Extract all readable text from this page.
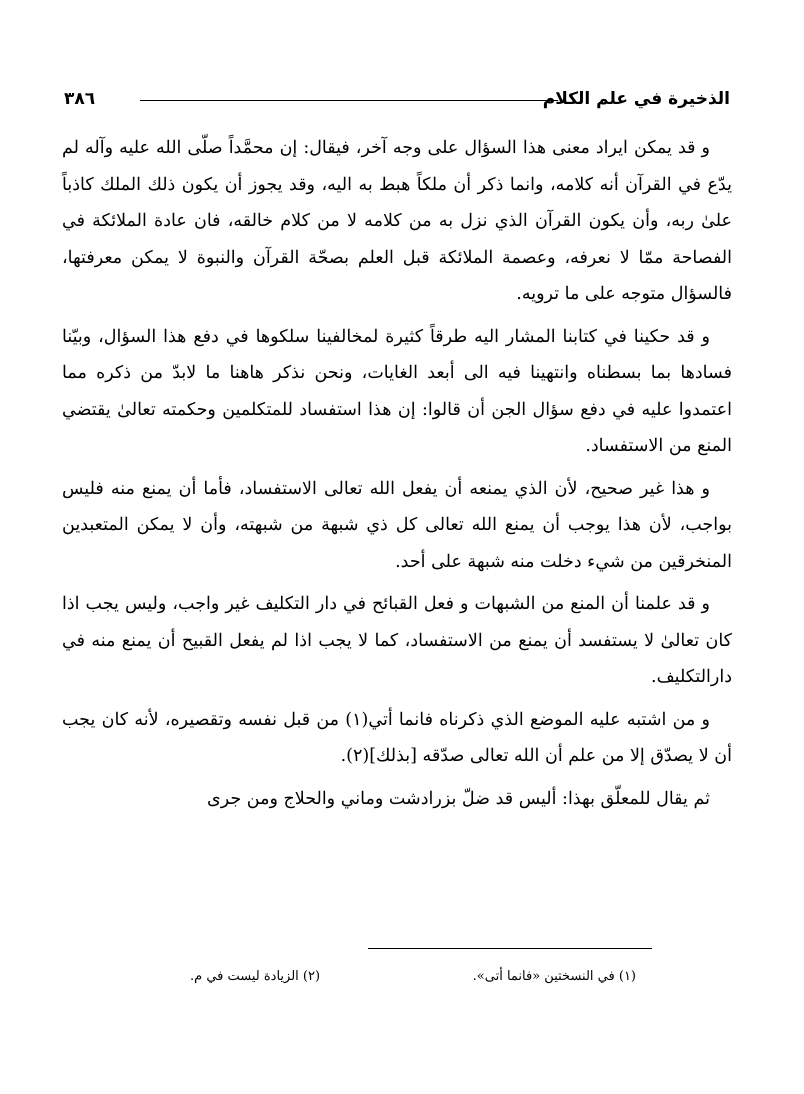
الذخيرة في علم الكلام
٣٨٦

و قد يمكن ايراد معنى هذا السؤال على وجه آخر، فيقال: إن محمَّداً صلّى الله عليه وآله لم يدّع في القرآن أنه كلامه، وانما ذكر أن ملكاً هبط به اليه، وقد يجوز أن يكون ذلك الملك كاذباً علىٰ ربه، وأن يكون القرآن الذي نزل به من كلامه لا من كلام خالقه، فان عادة الملائكة في الفصاحة ممّا لا نعرفه، وعصمة الملائكة قبل العلم بصحّة القرآن والنبوة لا يمكن معرفتها، فالسؤال متوجه على ما ترويه.

و قد حكينا في كتابنا المشار اليه طرقاً كثيرة لمخالفينا سلكوها في دفع هذا السؤال، وبيّنا فسادها بما بسطناه وانتهينا فيه الى أبعد الغايات، ونحن نذكر هاهنا ما لابدّ من ذكره مما اعتمدوا عليه في دفع سؤال الجن أن قالوا: إن هذا استفساد للمتكلمين وحكمته تعالىٰ يقتضي المنع من الاستفساد.

و هذا غير صحيح، لأن الذي يمنعه أن يفعل الله تعالى الاستفساد، فأما أن يمنع منه فليس بواجب، لأن هذا يوجب أن يمنع الله تعالى كل ذي شبهة من شبهته، وأن لا يمكن المتعبدين المنخرقين من شيء دخلت منه شبهة على أحد.

و قد علمنا أن المنع من الشبهات و فعل القبائح في دار التكليف غير واجب، وليس يجب اذا كان تعالىٰ لا يستفسد أن يمنع من الاستفساد، كما لا يجب اذا لم يفعل القبيح أن يمنع منه في دارالتكليف.

و من اشتبه عليه الموضع الذي ذكرناه فانما أتي(١) من قبل نفسه وتقصيره، لأنه كان يجب أن لا يصدّق إلا من علم أن الله تعالى صدّقه [بذلك](٢).

ثم يقال للمعلّق بهذا: أليس قد ضلّ بزرادشت وماني والحلاج ومن جرى

(١) في النسختين «فانما أتى».
(٢) الزيادة ليست في م.
